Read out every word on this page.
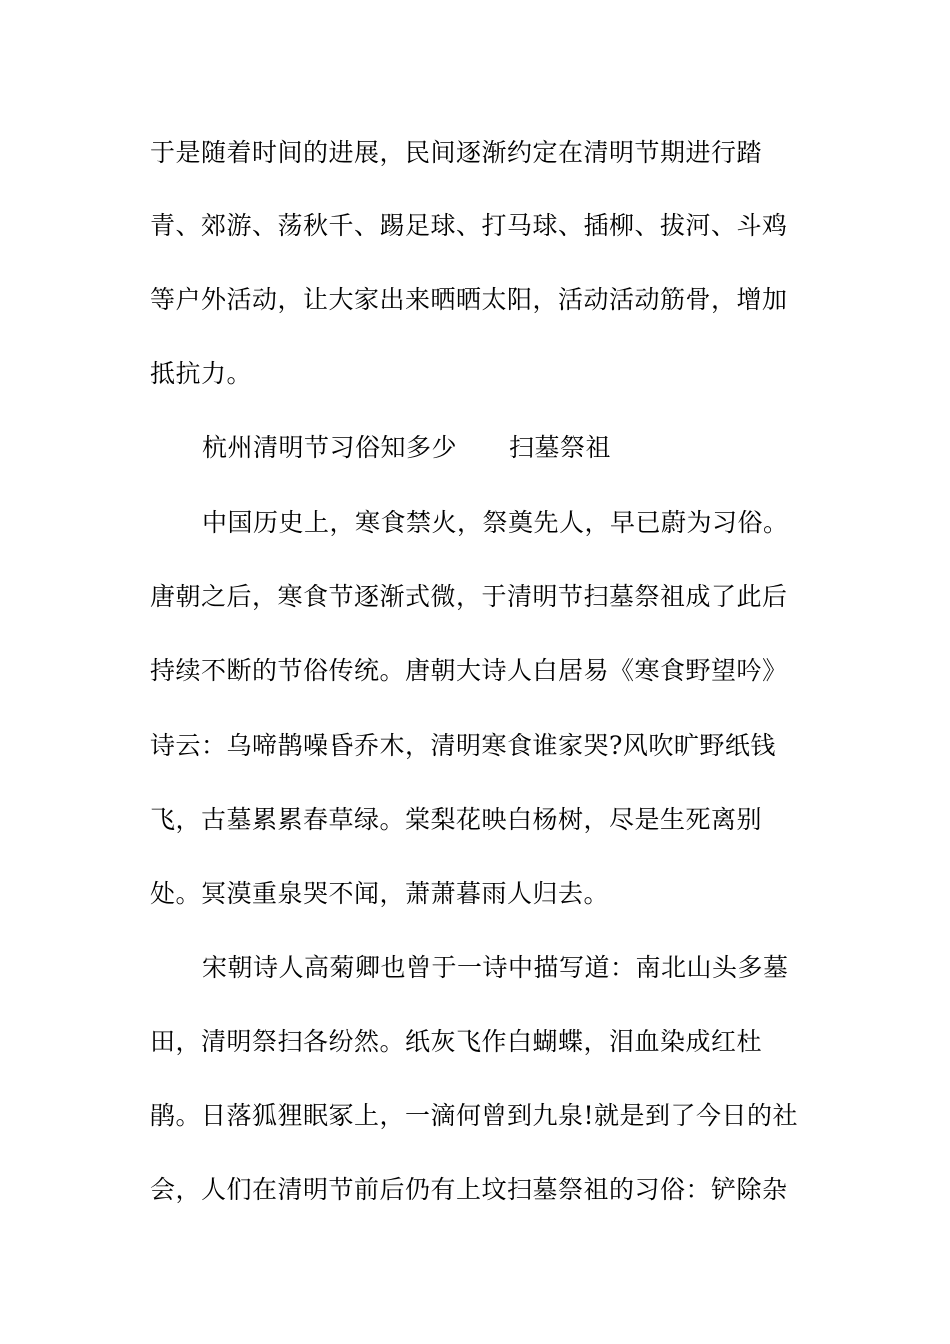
于是随着时间的进展，民间逐渐约定在清明节期进行踏
青、郊游、荡秋千、踢足球、打马球、插柳、拔河、斗鸡
等户外活动，让大家出来晒晒太阳，活动活动筋骨，增加
抵抗力。
杭州清明节习俗知多少 扫墓祭祖
中国历史上，寒食禁火，祭奠先人，早已蔚为习俗。
唐朝之后，寒食节逐渐式微，于清明节扫墓祭祖成了此后
持续不断的节俗传统。唐朝大诗人白居易《寒食野望吟》
诗云：乌啼鹊噪昏乔木，清明寒食谁家哭?风吹旷野纸钱
飞，古墓累累春草绿。棠梨花映白杨树，尽是生死离别
处。冥漠重泉哭不闻，萧萧暮雨人归去。
宋朝诗人高菊卿也曾于一诗中描写道：南北山头多墓
田，清明祭扫各纷然。纸灰飞作白蝴蝶，泪血染成红杜
鹃。日落狐狸眠冢上，一滴何曾到九泉!就是到了今日的社
会，人们在清明节前后仍有上坟扫墓祭祖的习俗：铲除杂
